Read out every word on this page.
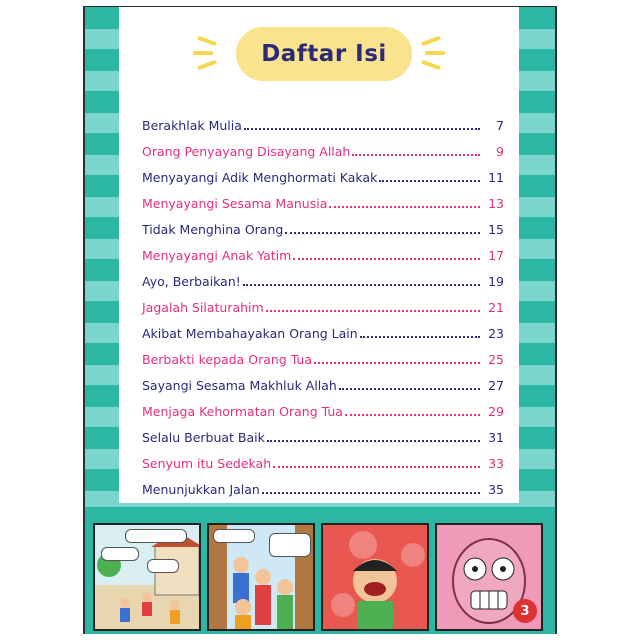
Daftar Isi
Berakhlak Mulia	7
Orang Penyayang Disayang Allah	9
Menyayangi Adik Menghormati Kakak	11
Menyayangi Sesama Manusia	13
Tidak Menghina Orang	15
Menyayangi Anak Yatim	17
Ayo, Berbaikan!	19
Jagalah Silaturahim	21
Akibat Membahayakan Orang Lain	23
Berbakti kepada Orang Tua	25
Sayangi Sesama Makhluk Allah	27
Menjaga Kehormatan Orang Tua	29
Selalu Berbuat Baik	31
Senyum itu Sedekah	33
Menunjukkan Jalan	35
3
